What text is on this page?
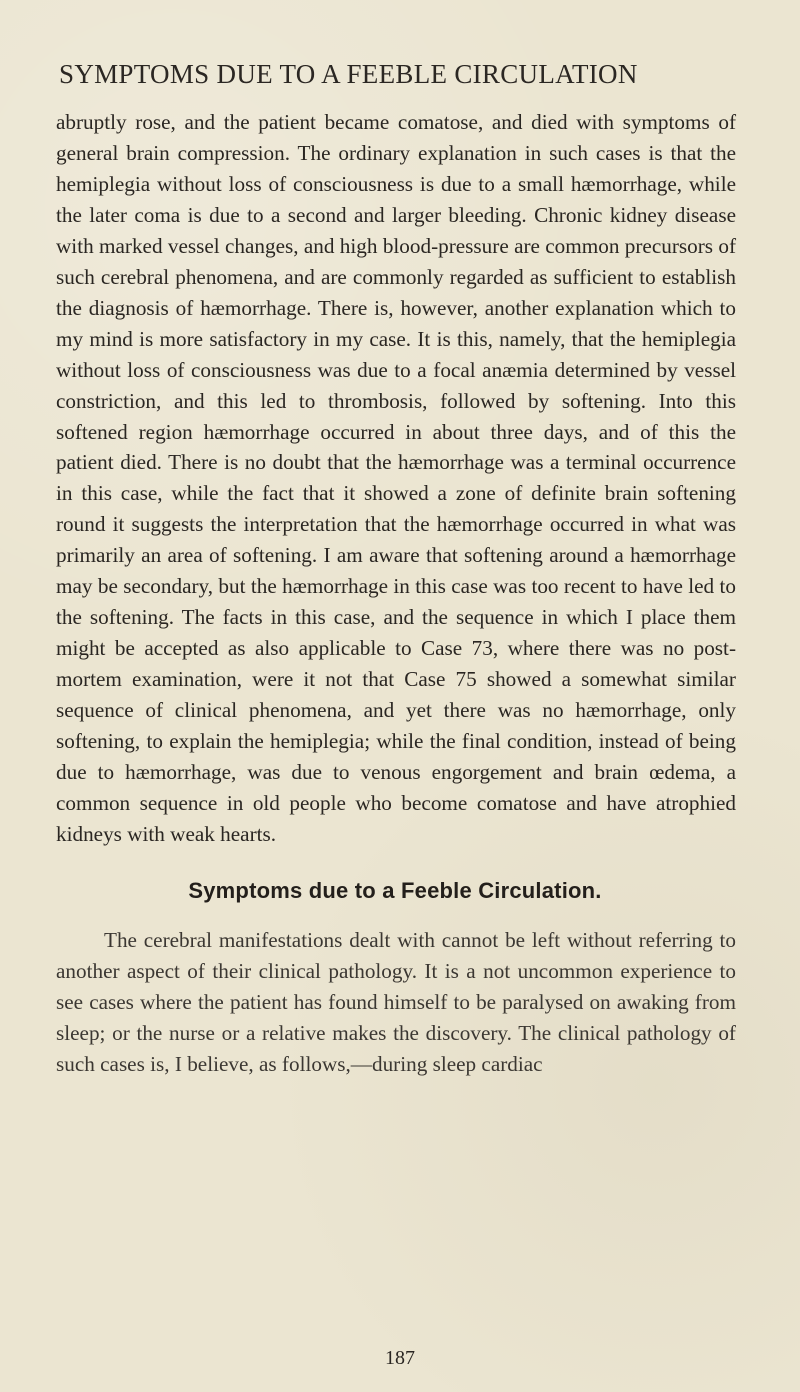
SYMPTOMS DUE TO A FEEBLE CIRCULATION

abruptly rose, and the patient became comatose, and died with symptoms of general brain compression. The ordinary explanation in such cases is that the hemiplegia without loss of consciousness is due to a small hæmorrhage, while the later coma is due to a second and larger bleeding. Chronic kidney disease with marked vessel changes, and high blood-pressure are common precursors of such cerebral phenomena, and are commonly regarded as sufficient to establish the diagnosis of hæmorrhage. There is, however, another explanation which to my mind is more satisfactory in my case. It is this, namely, that the hemiplegia without loss of consciousness was due to a focal anæmia determined by vessel constriction, and this led to thrombosis, followed by softening. Into this softened region hæmorrhage occurred in about three days, and of this the patient died. There is no doubt that the hæmorrhage was a terminal occurrence in this case, while the fact that it showed a zone of definite brain softening round it suggests the interpretation that the hæmorrhage occurred in what was primarily an area of softening. I am aware that softening around a hæmorrhage may be secondary, but the hæmorrhage in this case was too recent to have led to the softening. The facts in this case, and the sequence in which I place them might be accepted as also applicable to Case 73, where there was no post-mortem examination, were it not that Case 75 showed a somewhat similar sequence of clinical phenomena, and yet there was no hæmorrhage, only softening, to explain the hemiplegia; while the final condition, instead of being due to hæmorrhage, was due to venous engorgement and brain œdema, a common sequence in old people who become comatose and have atrophied kidneys with weak hearts.

Symptoms due to a Feeble Circulation.

The cerebral manifestations dealt with cannot be left without referring to another aspect of their clinical pathology. It is a not uncommon experience to see cases where the patient has found himself to be paralysed on awaking from sleep; or the nurse or a relative makes the discovery. The clinical pathology of such cases is, I believe, as follows,—during sleep cardiac

187
